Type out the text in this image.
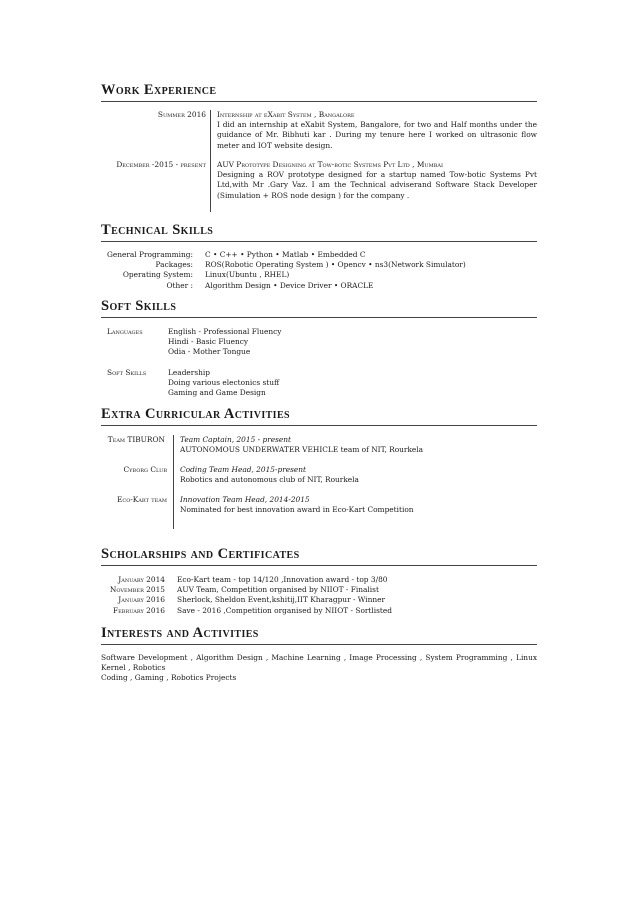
Work Experience
Summer 2016 Internship at eXabit System , Bangalore
I did an internship at eXabit System, Bangalore, for two and Half months under the guidance of Mr. Bibhuti kar . During my tenure here I worked on ultrasonic flow meter and IOT website design.
December -2015 - present AUV Prototype Designing at Tow-botic Systems Pvt Ltd , Mumbai
Designing a ROV prototype designed for a startup named Tow-botic Systems Pvt Ltd,with Mr .Gary Vaz. I am the Technical adviserand Software Stack Developer (Simulation + ROS node design ) for the company .
Technical Skills
General Programming: C • C++ • Python • Matlab • Embedded C
Packages: ROS(Robotic Operating System ) • Opencv • ns3(Network Simulator)
Operating System: Linux(Ubuntu , RHEL)
Other : Algorithm Design • Device Driver • ORACLE
Soft Skills
Languages	English - Professional Fluency
Hindi - Basic Fluency
Odia - Mother Tongue
Soft Skills	Leadership
Doing various electonics stuff
Gaming and Game Design
Extra Curricular Activities
Team TIBURON Team Captain, 2015 - present
AUTONOMOUS UNDERWATER VEHICLE team of NIT, Rourkela
Cyborg Club Coding Team Head, 2015-present
Robotics and autonomous club of NIT, Rourkela
Eco-Kart team Innovation Team Head, 2014-2015
Nominated for best innovation award in Eco-Kart Competition
Scholarships and Certificates
January 2014 Eco-Kart team - top 14/120 ,Innovation award - top 3/80
November 2015 AUV Team, Competition organised by NIIOT - Finalist
January 2016 Sherlock, Sheldon Event,kshitij,IIT Kharagpur - Winner
February 2016 Save - 2016 ,Competition organised by NIIOT - Sortlisted
Interests and Activities
Software Development , Algorithm Design , Machine Learning , Image Processing , System Programming , Linux Kernel , Robotics
Coding , Gaming , Robotics Projects
